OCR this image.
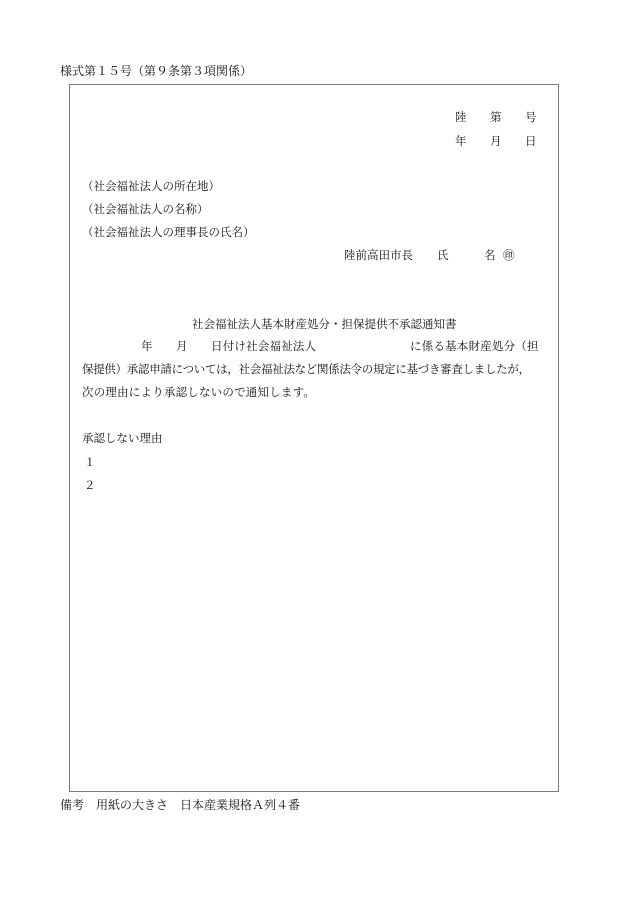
様式第１５号（第９条第３項関係）
陸 第 号
年 月 日
（社会福祉法人の所在地）
（社会福祉法人の名称）
（社会福祉法人の理事長の氏名）
陸前高田市長 氏	名 ㊞
社会福祉法人基本財産処分・担保提供不承認通知書
年 月 日付け社会福祉法人	に係る基本財産処分（担
保提供）承認申請については，社会福祉法など関係法令の規定に基づき審査しましたが，
次の理由により承認しないので通知します。
承認しない理由
１
２
備考　用紙の大きさ　日本産業規格Ａ列４番
